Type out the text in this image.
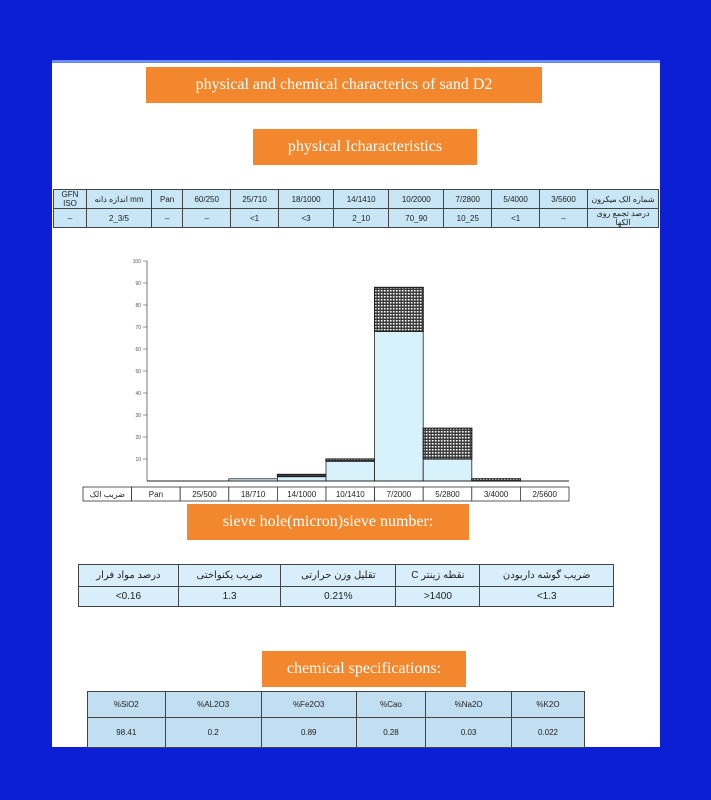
physical and chemical characterics of sand D2
physical Icharacteristics
GFN ISO	mm اندازه دانه	Pan	60/250	25/710	18/1000	14/1410	10/2000	7/2800	5/4000	3/5600	شماره الک میکرون
–	2_3/5	–	–	<1	<3	2_10	70_90	10_25	<1	–	درصد تجمع روی الکها
10
20
30
40
50
60
70
80
90
100
ضریب الک	Pan	25/500	18/710	14/1000 10/1410	7/2000	5/2800	3/4000	2/5600
sieve hole(micron)sieve number:
درصد مواد فرار	ضریب یکنواختی	تقلیل وزن حرارتی	نقطه زینتر C	ضریب گوشه داربودن
<0.16	1.3	0.21%	>1400	<1.3
chemical specifications:
%SiO2	%AL2O3	%Fe2O3	%Cao	%Na2O	%K2O
98.41	0.2	0.89	0.28	0.03	0.022
